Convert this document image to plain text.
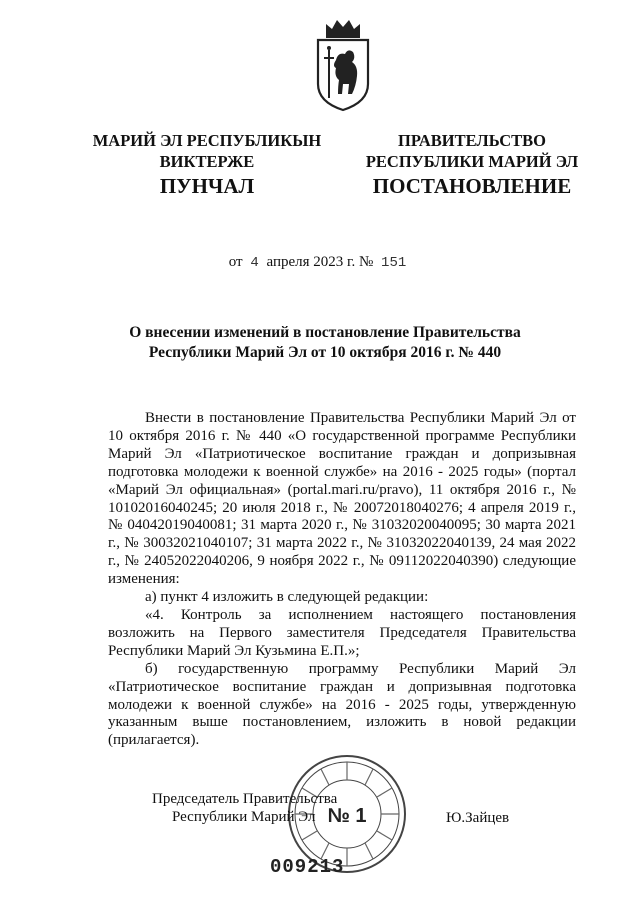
МАРИЙ ЭЛ РЕСПУБЛИКЫН
ВИКТЕРЖЕ
ПРАВИТЕЛЬСТВО
РЕСПУБЛИКИ МАРИЙ ЭЛ
ПУНЧАЛ	ПОСТАНОВЛЕНИЕ
от 4 апреля 2023 г. № 151
О внесении изменений в постановление Правительства
Республики Марий Эл от 10 октября 2016 г. № 440

Внести в постановление Правительства Республики Марий Эл от 10 октября 2016 г. № 440 «О государственной программе Республики Марий Эл «Патриотическое воспитание граждан и допризывная подготовка молодежи к военной службе» на 2016 - 2025 годы» (портал «Марий Эл официальная» (portal.mari.ru/pravo), 11 октября 2016 г., № 10102016040245; 20 июля 2018 г., № 20072018040276; 4 апреля 2019 г., № 04042019040081; 31 марта 2020 г., № 31032020040095; 30 марта 2021 г., № 30032021040107; 31 марта 2022 г., № 31032022040139, 24 мая 2022 г., № 24052022040206, 9 ноября 2022 г., № 09112022040390) следующие изменения:

а) пункт 4 изложить в следующей редакции:

«4. Контроль за исполнением настоящего постановления возложить на Первого заместителя Председателя Правительства Республики Марий Эл Кузьмина Е.П.»;

б) государственную программу Республики Марий Эл «Патриотическое воспитание граждан и допризывная подготовка молодежи к военной службе» на 2016 - 2025 годы, утвержденную указанным выше постановлением, изложить в новой редакции (прилагается).

№ 1
Председатель Правительства
Республики Марий Эл	Ю.Зайцев
009213
